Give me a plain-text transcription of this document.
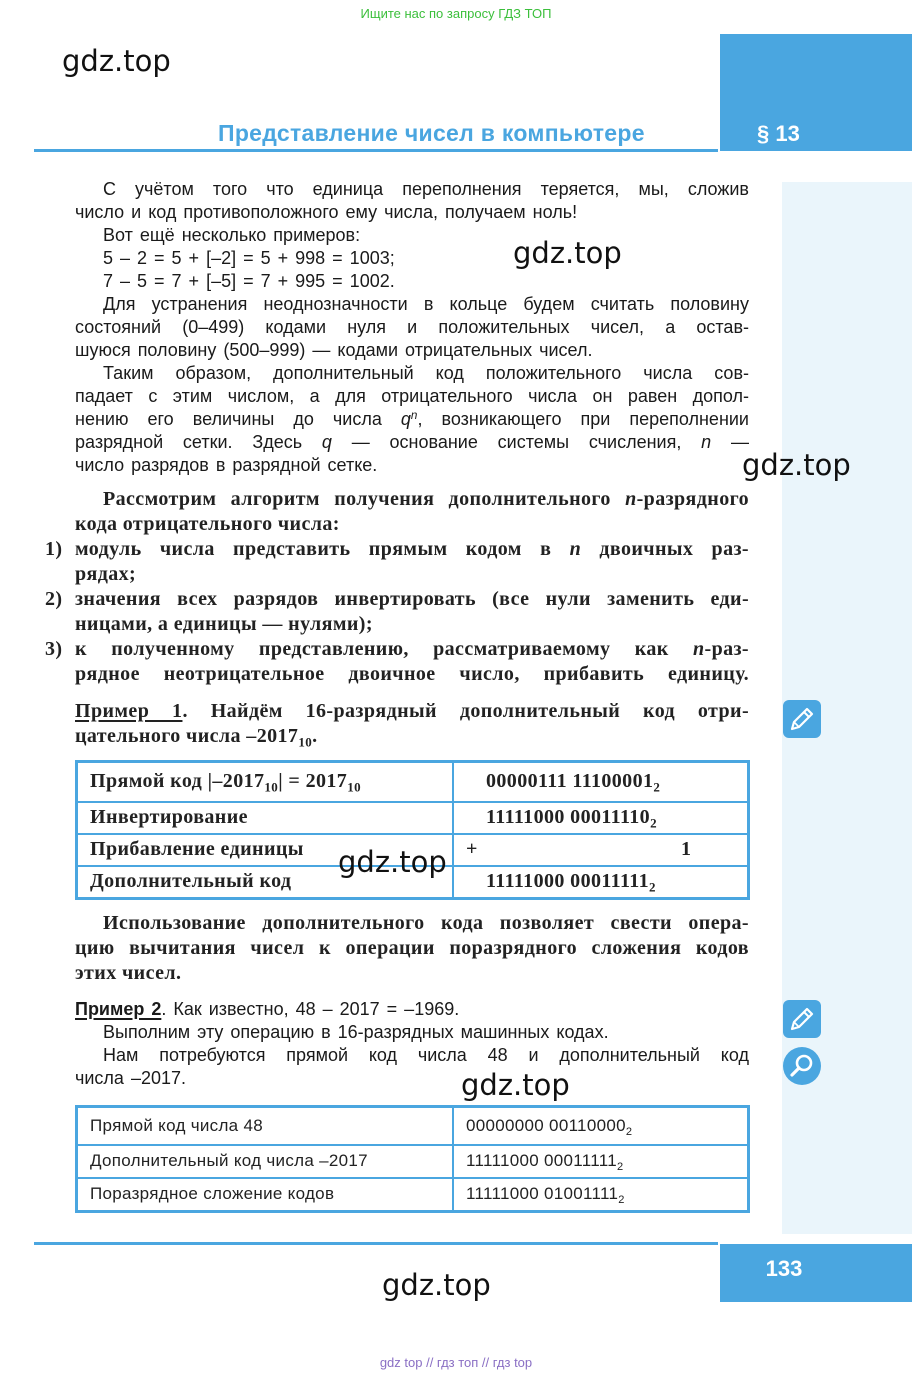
Ищите нас по запросу ГДЗ ТОП
§ 13
gdz.top
Представление чисел в компьютере
С учётом того что единица переполнения теряется, мы, сложив
число и код противоположного ему числа, получаем ноль!
Вот ещё несколько примеров:
5 – 2 = 5 + [–2] = 5 + 998 = 1003;
7 – 5 = 7 + [–5] = 7 + 995 = 1002.
Для устранения неоднозначности в кольце будем считать половину
состояний (0–499) кодами нуля и положительных чисел, а остав-
шуюся половину (500–999) — кодами отрицательных чисел.
Таким образом, дополнительный код положительного числа сов-
падает с этим числом, а для отрицательного числа он равен допол-
нению его величины до числа $q^n$, возникающего при переполнении
разрядной сетки. Здесь q — основание системы счисления, n —
число разрядов в разрядной сетке.
gdz.top
gdz.top
Рассмотрим алгоритм получения дополнительного n-разрядного
кода отрицательного числа:
1) модуль числа представить прямым кодом в n двоичных раз-
рядах;
2) значения всех разрядов инвертировать (все нули заменить еди-
ницами, а единицы — нулями);
3) к полученному представлению, рассматриваемому как n-раз-
рядное неотрицательное двоичное число, прибавить единицу.
Пример 1. Найдём 16-разрядный дополнительный код отри-
цательного числа $-2017_{10}$.
Прямой код $|-2017_{10}| = 2017_{10}$	00000111 $11100001_2$
Инвертирование	11111000 $00011110_2$
Прибавление единицы	+ 1
Дополнительный код	11111000 $00011111_2$
gdz.top
Использование дополнительного кода позволяет свести опера-
цию вычитания чисел к операции поразрядного сложения кодов
этих чисел.
Пример 2. Как известно, 48 – 2017 = –1969.
Выполним эту операцию в 16-разрядных машинных кодах.
Нам потребуются прямой код числа 48 и дополнительный код
числа –2017.	gdz.top
Прямой код числа 48	00000000 $00110000_2$
Дополнительный код числа –2017	11111000 $00011111_2$
Поразрядное сложение кодов	11111000 $01001111_2$
133
gdz.top
gdz top // гдз топ // гдз top
